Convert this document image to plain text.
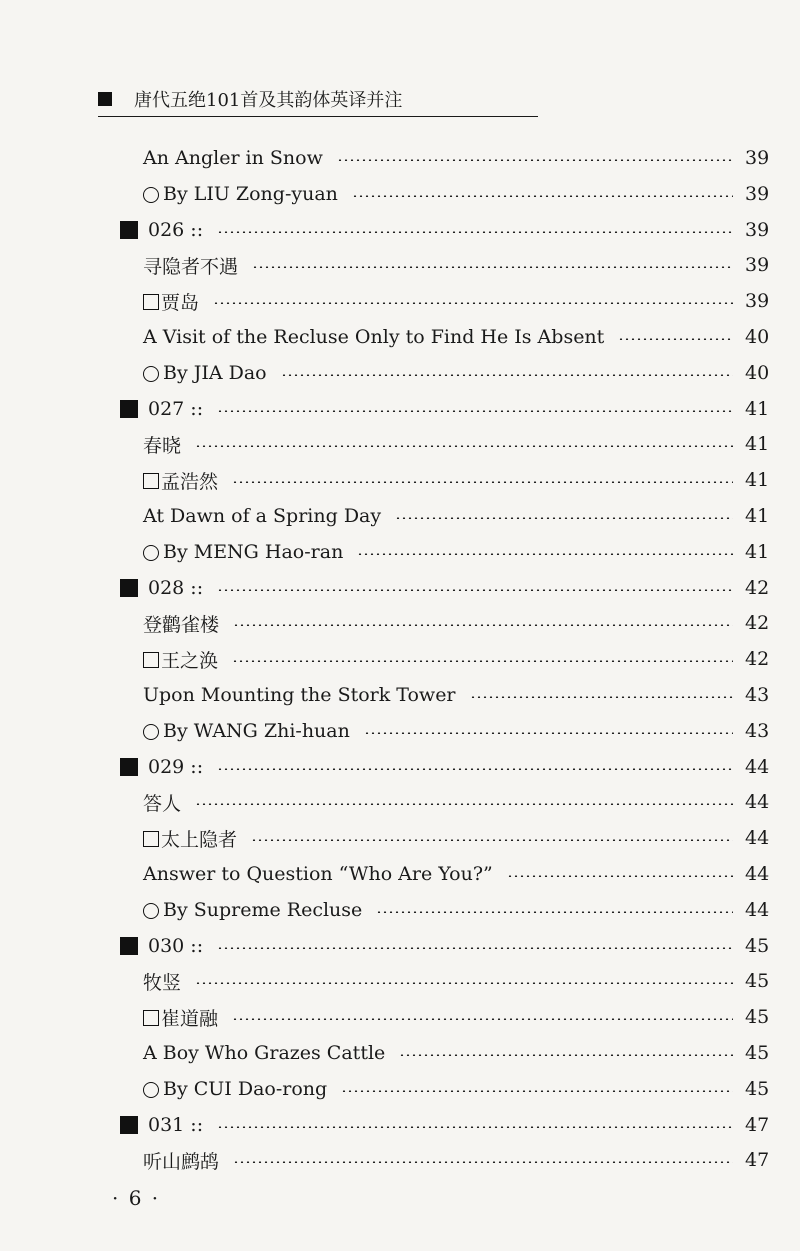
唐代五绝101首及其韵体英译并注
An Angler in Snow	39
By LIU Zong-yuan	39
026 ::	39
寻隐者不遇	39
贾岛	39
A Visit of the Recluse Only to Find He Is Absent	40
By JIA Dao	40
027 ::	41
春晓	41
孟浩然	41
At Dawn of a Spring Day	41
By MENG Hao-ran	41
028 ::	42
登鹳雀楼	42
王之涣	42
Upon Mounting the Stork Tower	43
By WANG Zhi-huan	43
029 ::	44
答人	44
太上隐者	44
Answer to Question “Who Are You?”	44
By Supreme Recluse	44
030 ::	45
牧竖	45
崔道融	45
A Boy Who Grazes Cattle	45
By CUI Dao-rong	45
031 ::	47
听山鹧鸪	47
· 6 ·
